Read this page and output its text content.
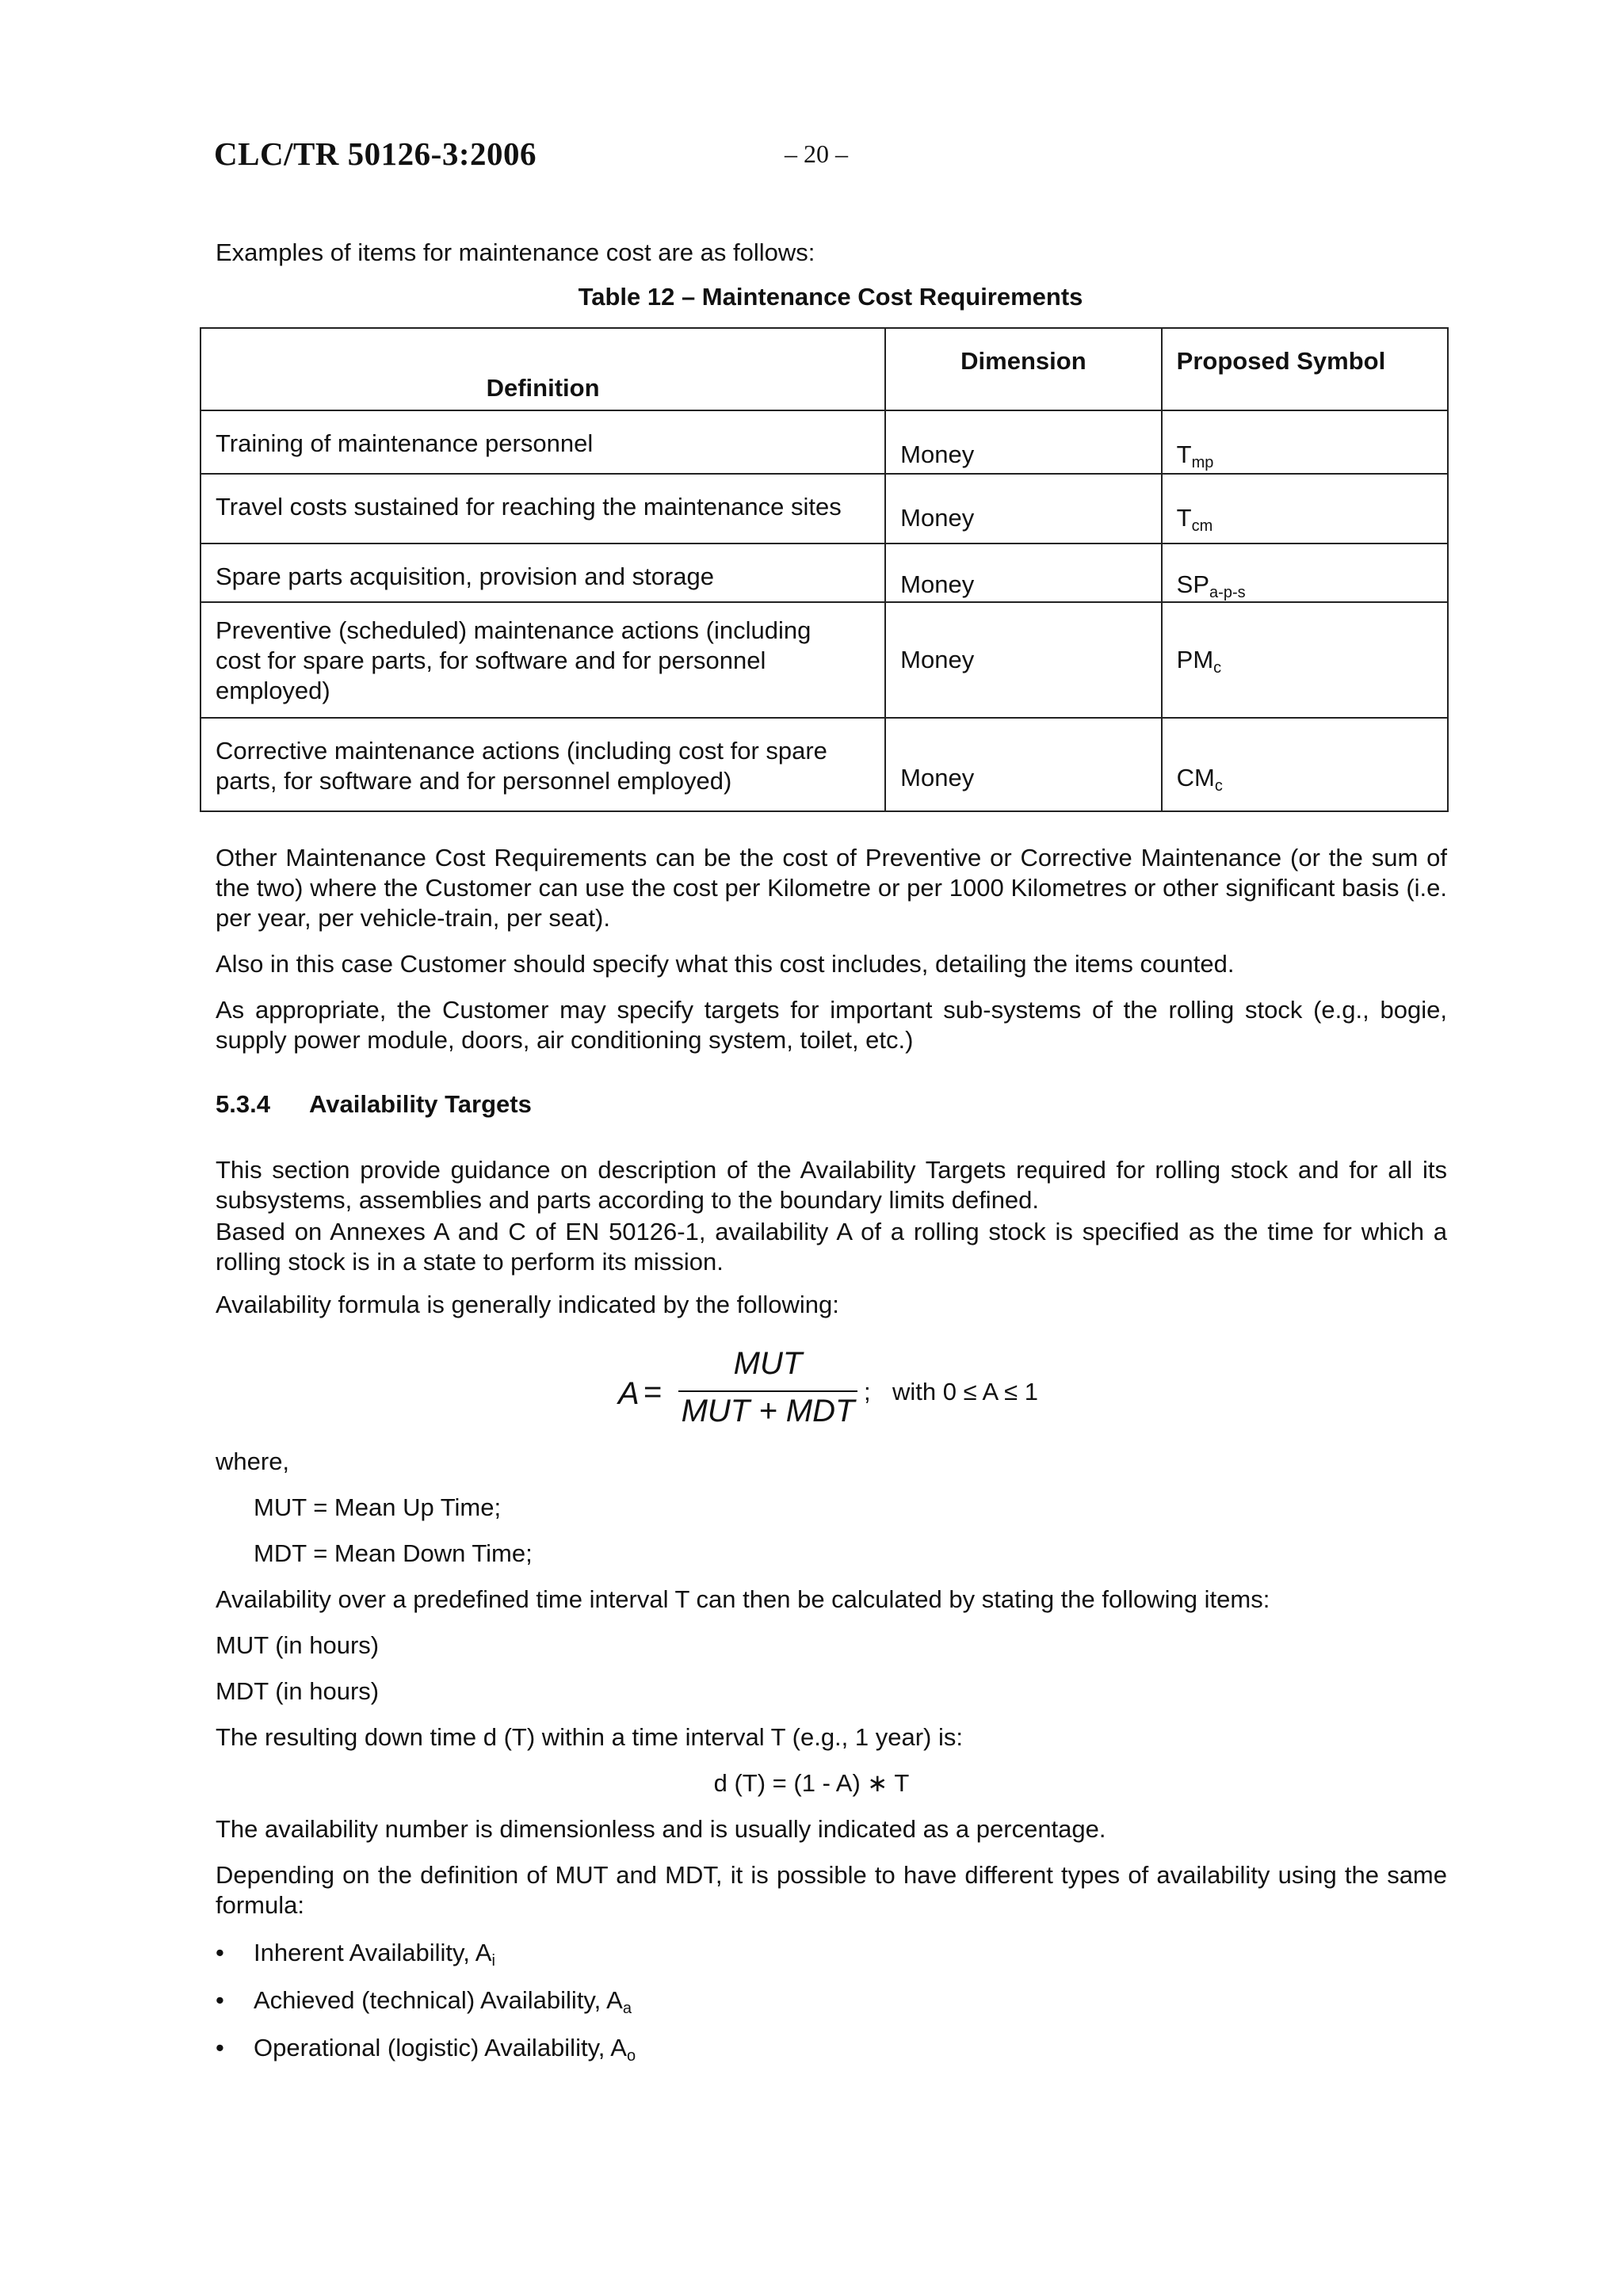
CLC/TR 50126-3:2006	– 20 –
Examples of items for maintenance cost are as follows:
Table 12 – Maintenance Cost Requirements
Definition	Dimension	Proposed Symbol
Training of maintenance personnel	Money	$T_{mp}$
Travel costs sustained for reaching the maintenance sites	Money	$T_{cm}$
Spare parts acquisition, provision and storage	Money	$SP_{a-p-s}$
Preventive (scheduled) maintenance actions (including cost for spare parts, for software and for personnel employed)	Money	$PM_c$
Corrective maintenance actions (including cost for spare parts, for software and for personnel employed)	Money	$CM_c$
Other Maintenance Cost Requirements can be the cost of Preventive or Corrective Maintenance (or the sum of the two) where the Customer can use the cost per Kilometre or per 1000 Kilometres or other significant basis (i.e. per year, per vehicle-train, per seat).
Also in this case Customer should specify what this cost includes, detailing the items counted.
As appropriate, the Customer may specify targets for important sub-systems of the rolling stock (e.g., bogie, supply power module, doors, air conditioning system, toilet, etc.)
5.3.4 Availability Targets
This section provide guidance on description of the Availability Targets required for rolling stock and for all its subsystems, assemblies and parts according to the boundary limits defined.
Based on Annexes A and C of EN 50126-1, availability A of a rolling stock is specified as the time for which a rolling stock is in a state to perform its mission.
Availability formula is generally indicated by the following:
A =
MUT
MUT + MDT
; with 0 ≤ A ≤ 1
where,
MUT = Mean Up Time;
MDT = Mean Down Time;
Availability over a predefined time interval T can then be calculated by stating the following items:
MUT (in hours)
MDT (in hours)
The resulting down time d (T) within a time interval T (e.g., 1 year) is:
d (T) = (1 - A) ∗ T
The availability number is dimensionless and is usually indicated as a percentage.
Depending on the definition of MUT and MDT, it is possible to have different types of availability using the same formula:
• Inherent Availability, $A_i$
• Achieved (technical) Availability, $A_a$
• Operational (logistic) Availability, $A_o$
